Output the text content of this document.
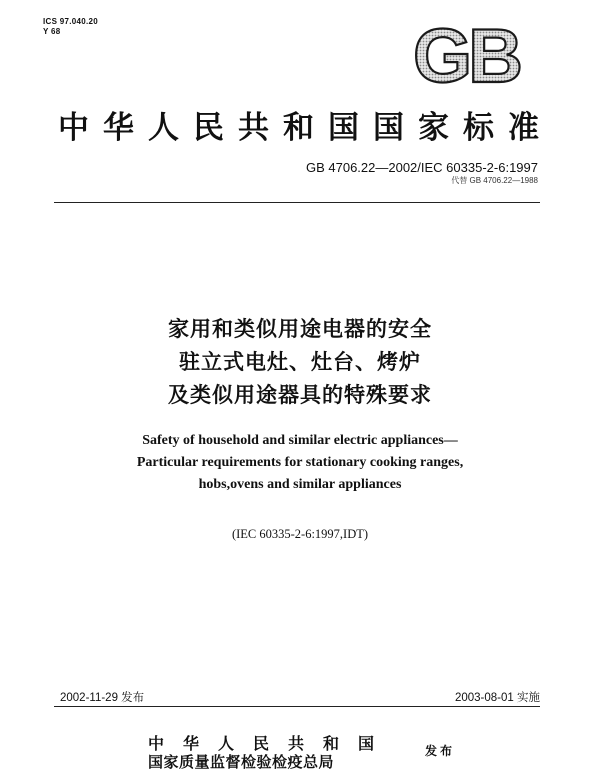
ICS 97.040.20
Y 68	GB
中华人民共和国国家标准
GB 4706.22—2002/IEC 60335-2-6:1997
代替 GB 4706.22—1988
家用和类似用途电器的安全
驻立式电灶、灶台、烤炉
及类似用途器具的特殊要求
Safety of household and similar electric appliances—
Particular requirements for stationary cooking ranges,
hobs,ovens and similar appliances
(IEC 60335-2-6:1997,IDT)
2002-11-29 发布	2003-08-01 实施
中华人民共和国
国家质量监督检验检疫总局
发布
